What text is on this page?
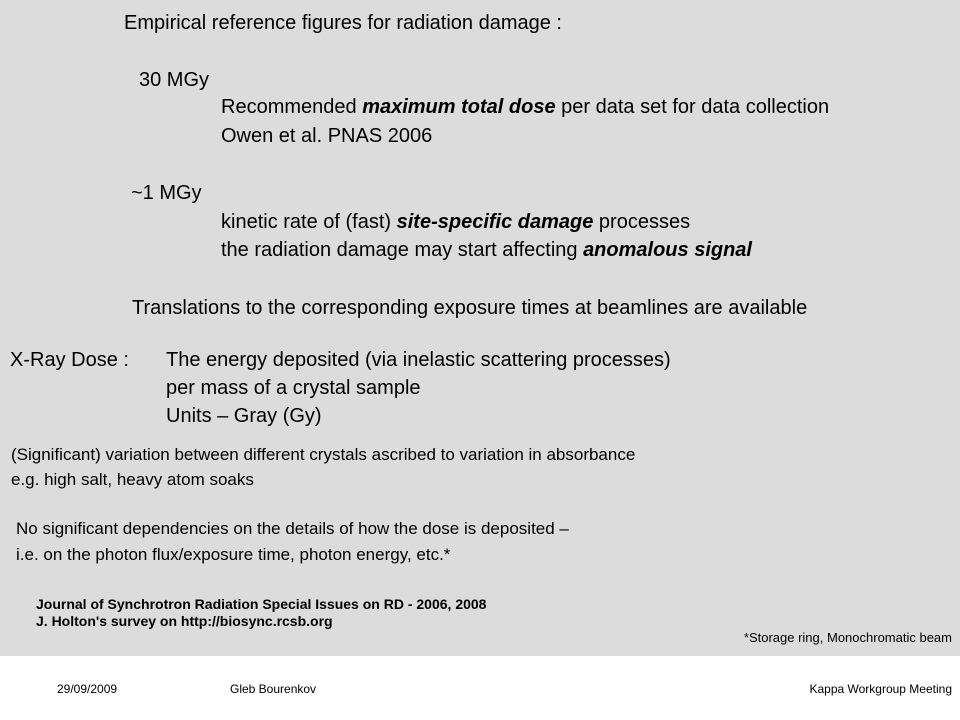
Empirical reference figures for radiation damage :
30 MGy
Recommended maximum total dose per data set for data collection
Owen et al. PNAS 2006
~1 MGy
kinetic rate of (fast) site-specific damage processes
the radiation damage may start affecting anomalous signal
Translations to the corresponding exposure times at beamlines are available
X-Ray Dose : The energy deposited (via inelastic scattering processes)
per mass of a crystal sample
Units – Gray (Gy)
(Significant) variation between different crystals ascribed to variation in absorbance
e.g. high salt, heavy atom soaks
No significant dependencies on the details of how the dose is deposited –
i.e. on the photon flux/exposure time, photon energy, etc.*
Journal of Synchrotron Radiation Special Issues on RD - 2006, 2008
J. Holton's survey on http://biosync.rcsb.org
*Storage ring, Monochromatic beam
29/09/2009	Gleb Bourenkov	Kappa Workgroup Meeting
